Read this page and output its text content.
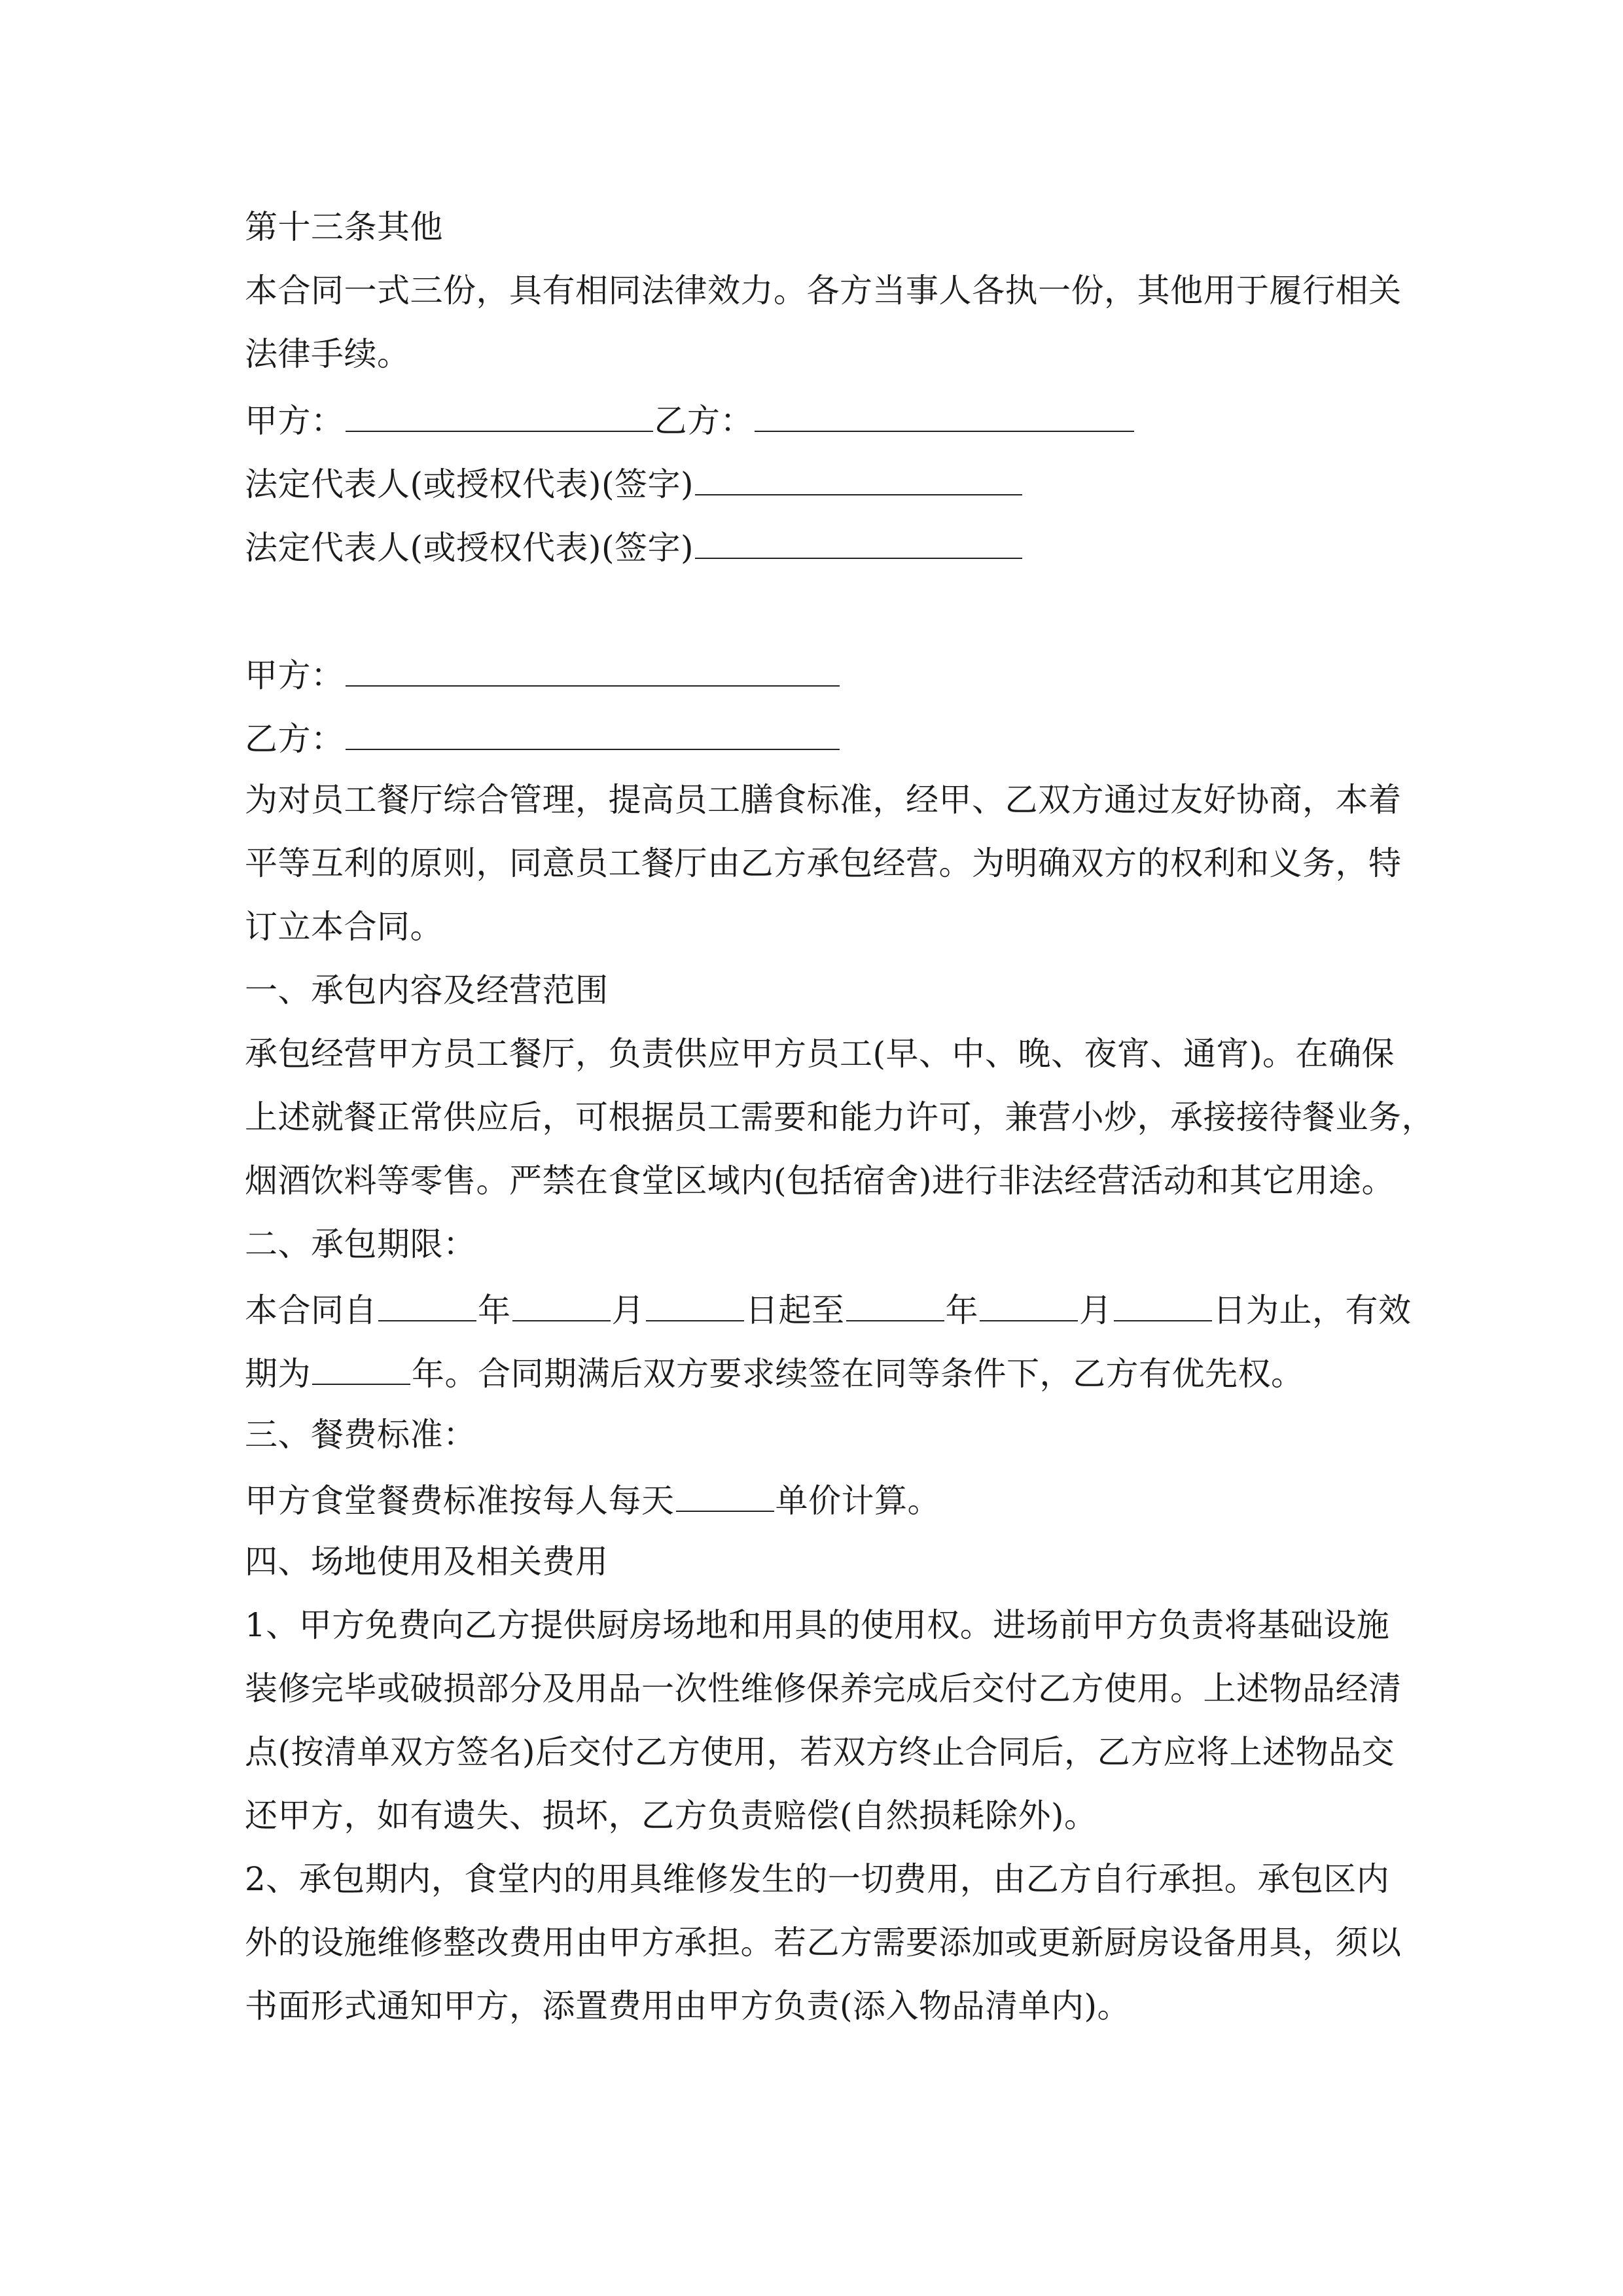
第十三条其他
本合同一式三份，具有相同法律效力。各方当事人各执一份，其他用于履行相关
法律手续。
甲方：	乙方：
法定代表人(或授权代表)(签字)
法定代表人(或授权代表)(签字)
甲方：
乙方：
为对员工餐厅综合管理，提高员工膳食标准，经甲、乙双方通过友好协商，本着
平等互利的原则，同意员工餐厅由乙方承包经营。为明确双方的权利和义务，特
订立本合同。
一、承包内容及经营范围
承包经营甲方员工餐厅，负责供应甲方员工(早、中、晚、夜宵、通宵)。在确保
上述就餐正常供应后，可根据员工需要和能力许可，兼营小炒，承接接待餐业务，
烟酒饮料等零售。严禁在食堂区域内(包括宿舍)进行非法经营活动和其它用途。
二、承包期限：
本合同自	年	月	日起至	年	月	日为止，有效
期为	年。合同期满后双方要求续签在同等条件下，乙方有优先权。
三、餐费标准：
甲方食堂餐费标准按每人每天	单价计算。
四、场地使用及相关费用
1、甲方免费向乙方提供厨房场地和用具的使用权。进场前甲方负责将基础设施
装修完毕或破损部分及用品一次性维修保养完成后交付乙方使用。上述物品经清
点(按清单双方签名)后交付乙方使用，若双方终止合同后，乙方应将上述物品交
还甲方，如有遗失、损坏，乙方负责赔偿(自然损耗除外)。
2、承包期内，食堂内的用具维修发生的一切费用，由乙方自行承担。承包区内
外的设施维修整改费用由甲方承担。若乙方需要添加或更新厨房设备用具，须以
书面形式通知甲方，添置费用由甲方负责(添入物品清单内)。
